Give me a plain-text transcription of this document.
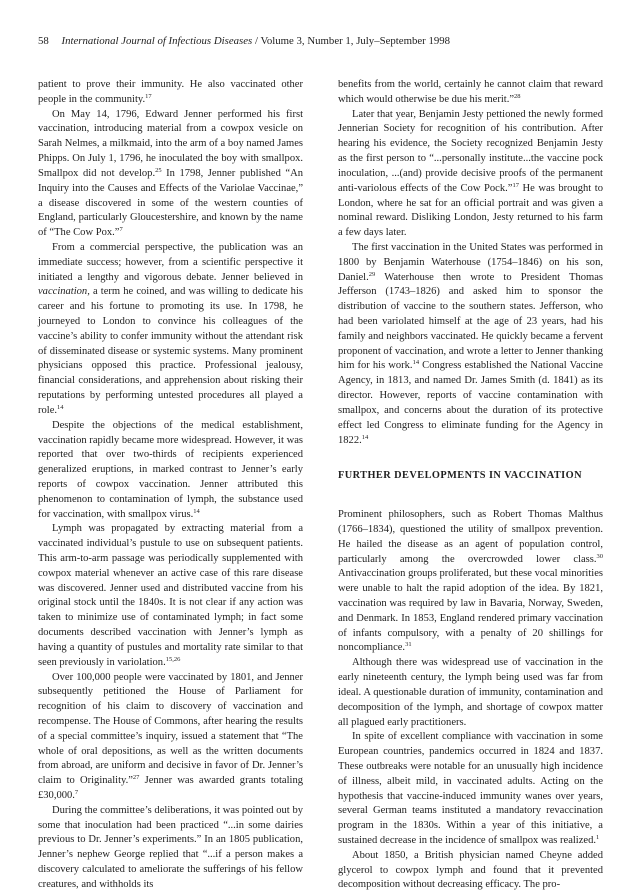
58 International Journal of Infectious Diseases / Volume 3, Number 1, July–September 1998

patient to prove their immunity. He also vaccinated other people in the community.$^{17}$

On May 14, 1796, Edward Jenner performed his first vaccination, introducing material from a cowpox vesicle on Sarah Nelmes, a milkmaid, into the arm of a boy named James Phipps. On July 1, 1796, he inoculated the boy with smallpox. Smallpox did not develop.$^{25}$ In 1798, Jenner published “An Inquiry into the Causes and Effects of the Variolae Vaccinae,” a disease discovered in some of the western counties of England, particularly Gloucestershire, and known by the name of “The Cow Pox.”$^7$

From a commercial perspective, the publication was an immediate success; however, from a scientific perspective it initiated a lengthy and vigorous debate. Jenner believed in vaccination, a term he coined, and was willing to dedicate his career and his fortune to promoting its use. In 1798, he journeyed to London to convince his colleagues of the vaccine’s ability to confer immunity without the attendant risk of disseminated disease or systemic systems. Many prominent physicians opposed this practice. Professional jealousy, financial considerations, and apprehension about risking their reputations by performing untested procedures all played a role.$^{14}$

Despite the objections of the medical establishment, vaccination rapidly became more widespread. However, it was reported that over two-thirds of recipients experienced generalized eruptions, in marked contrast to Jenner’s early reports of cowpox vaccination. Jenner attributed this phenomenon to contamination of lymph, the substance used for vaccination, with smallpox virus.$^{14}$

Lymph was propagated by extracting material from a vaccinated individual’s pustule to use on subsequent patients. This arm-to-arm passage was periodically supplemented with cowpox material whenever an active case of this rare disease was discovered. Jenner used and distributed vaccine from his original stock until the 1840s. It is not clear if any action was taken to minimize use of contaminated lymph; in fact some documents described vaccination with Jenner’s lymph as having a quantity of pustules and mortality rate similar to that seen previously in variolation.$^{15,26}$

Over 100,000 people were vaccinated by 1801, and Jenner subsequently petitioned the House of Parliament for recognition of his claim to discovery of vaccination and recompense. The House of Commons, after hearing the results of a special committee’s inquiry, issued a statement that “The whole of oral depositions, as well as the written documents from abroad, are uniform and decisive in favor of Dr. Jenner’s claim to Originality.”$^{27}$ Jenner was awarded grants totaling £30,000.$^7$

During the committee’s deliberations, it was pointed out by some that inoculation had been practiced “...in some dairies previous to Dr. Jenner’s experiments.” In an 1805 publication, Jenner’s nephew George replied that “...if a person makes a discovery calculated to ameliorate the sufferings of his fellow creatures, and withholds its

benefits from the world, certainly he cannot claim that reward which would otherwise be due his merit.”$^{28}$

Later that year, Benjamin Jesty pettioned the newly formed Jennerian Society for recognition of his contribution. After hearing his evidence, the Society recognized Benjamin Jesty as the first person to “...personally institute...the vaccine pock inoculation, ...(and) provide decisive proofs of the permanent anti-variolous effects of the Cow Pock.”$^{17}$ He was brought to London, where he sat for an official portrait and was given a nominal reward. Disliking London, Jesty returned to his farm a few days later.

The first vaccination in the United States was performed in 1800 by Benjamin Waterhouse (1754–1846) on his son, Daniel.$^{29}$ Waterhouse then wrote to President Thomas Jefferson (1743–1826) and asked him to sponsor the distribution of vaccine to the southern states. Jefferson, who had been variolated himself at the age of 23 years, had his family and neighbors vaccinated. He quickly became a fervent proponent of vaccination, and wrote a letter to Jenner thanking him for his work.$^{14}$ Congress established the National Vaccine Agency, in 1813, and named Dr. James Smith (d. 1841) as its director. However, reports of vaccine contamination with smallpox, and concerns about the duration of its protective effect led Congress to eliminate funding for the Agency in 1822.14

FURTHER DEVELOPMENTS IN VACCINATION

Prominent philosophers, such as Robert Thomas Malthus (1766–1834), questioned the utility of smallpox prevention. He hailed the disease as an agent of population control, particularly among the overcrowded lower class.$^{30}$ Antivaccination groups proliferated, but these vocal minorities were unable to halt the rapid adoption of the idea. By 1821, vaccination was required by law in Bavaria, Norway, Sweden, and Denmark. In 1853, England rendered primary vaccination of infants compulsory, with a penalty of 20 shillings for noncompliance.$^{31}$

Although there was widespread use of vaccination in the early nineteenth century, the lymph being used was far from ideal. A questionable duration of immunity, contamination and decomposition of the lymph, and shortage of cowpox matter all plagued early practitioners.

In spite of excellent compliance with vaccination in some European countries, pandemics occurred in 1824 and 1837. These outbreaks were notable for an unusually high incidence of illness, albeit mild, in vaccinated adults. Acting on the hypothesis that vaccine-induced immunity wanes over years, several German teams instituted a mandatory revaccination program in the 1830s. Within a year of this initiative, a sustained decrease in the incidence of smallpox was realized.$^1$

About 1850, a British physician named Cheyne added glycerol to cowpox lymph and found that it prevented decomposition without decreasing efficacy. The pro-
